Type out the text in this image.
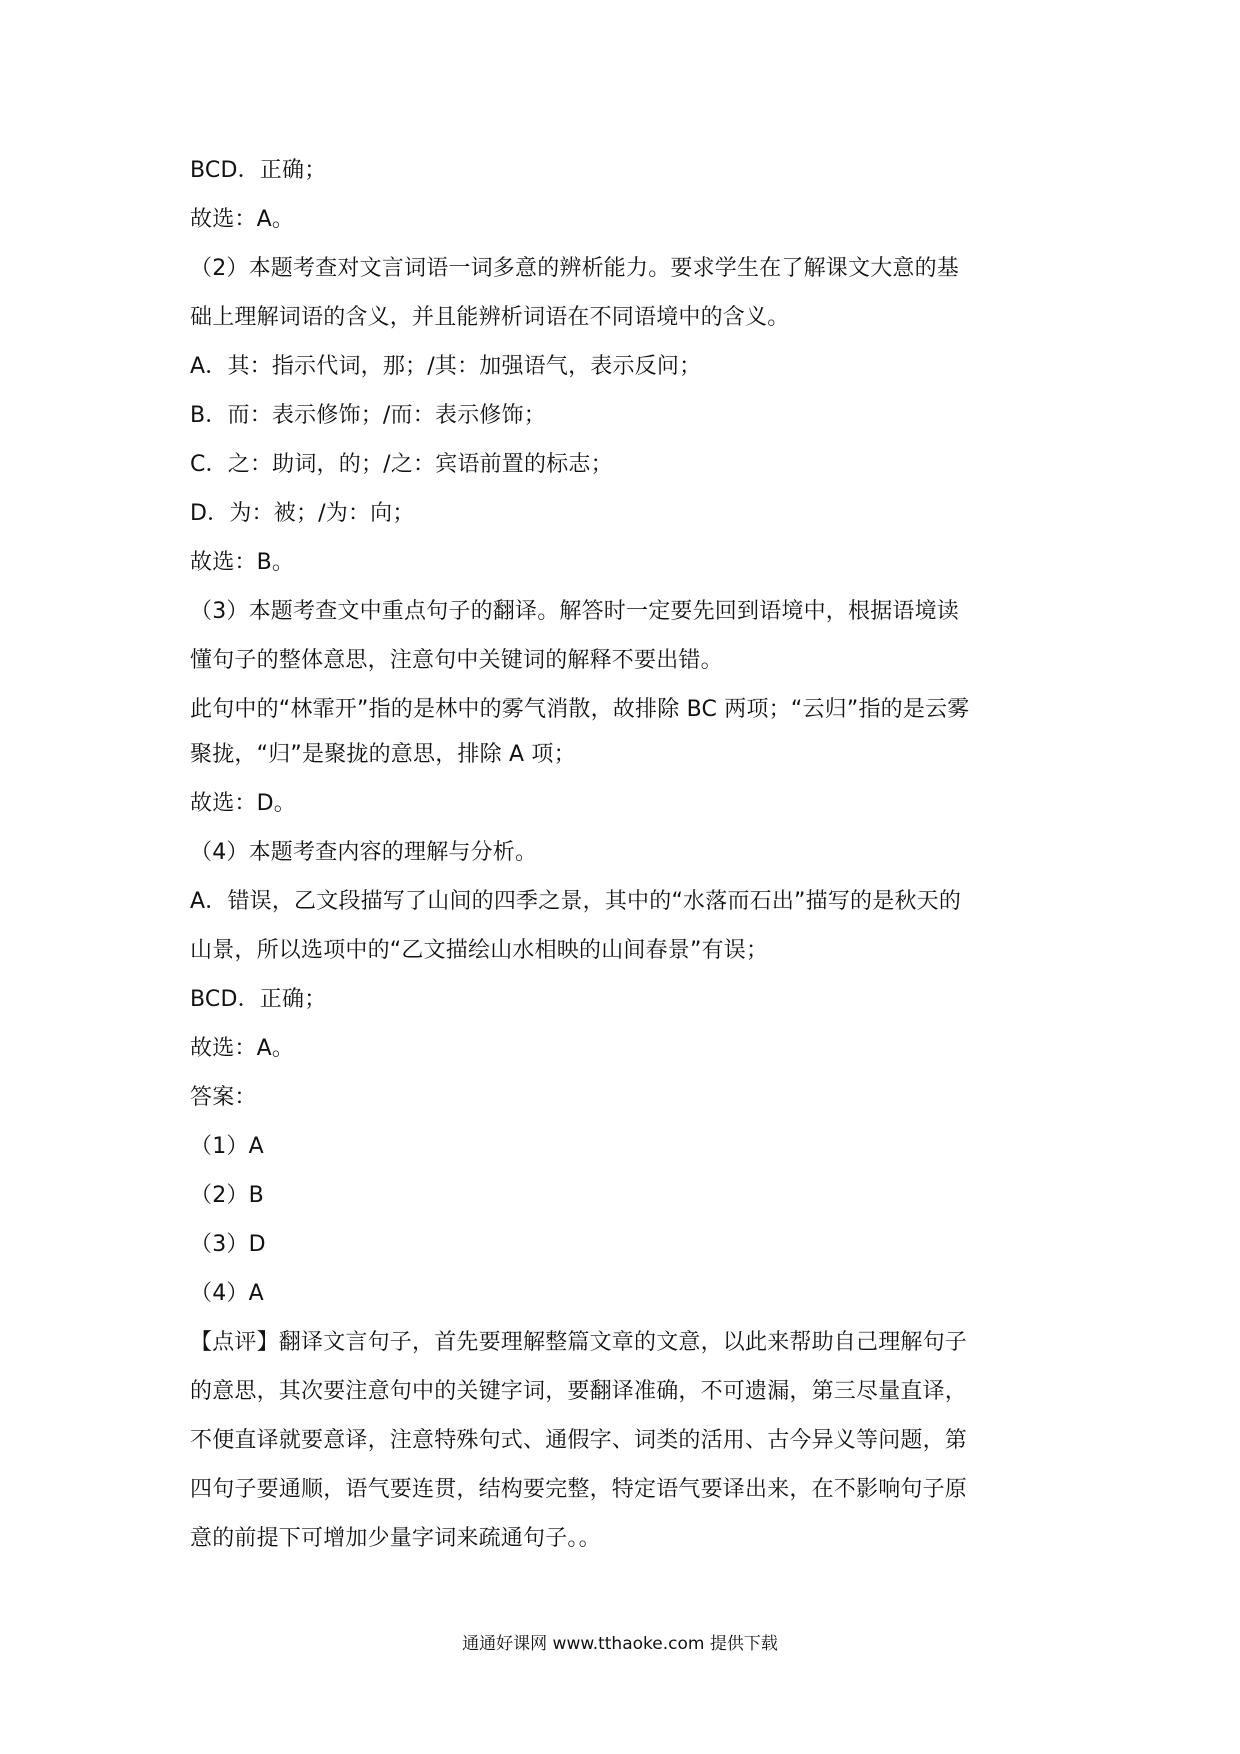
BCD．正确；
故选：A。
（2）本题考查对文言词语一词多意的辨析能力。要求学生在了解课文大意的基
础上理解词语的含义，并且能辨析词语在不同语境中的含义。
A．其：指示代词，那；/其：加强语气，表示反问；
B．而：表示修饰；/而：表示修饰；
C．之：助词，的；/之：宾语前置的标志；
D．为：被；/为：向；
故选：B。
（3）本题考查文中重点句子的翻译。解答时一定要先回到语境中，根据语境读
懂句子的整体意思，注意句中关键词的解释不要出错。
此句中的“林霏开”指的是林中的雾气消散，故排除 BC 两项；“云归”指的是云雾
聚拢，“归”是聚拢的意思，排除 A 项；
故选：D。
（4）本题考查内容的理解与分析。
A．错误，乙文段描写了山间的四季之景，其中的“水落而石出”描写的是秋天的
山景，所以选项中的“乙文描绘山水相映的山间春景”有误；
BCD．正确；
故选：A。
答案：
（1）A
（2）B
（3）D
（4）A
【点评】翻译文言句子，首先要理解整篇文章的文意，以此来帮助自己理解句子
的意思，其次要注意句中的关键字词，要翻译准确，不可遗漏，第三尽量直译，
不便直译就要意译，注意特殊句式、通假字、词类的活用、古今异义等问题，第
四句子要通顺，语气要连贯，结构要完整，特定语气要译出来，在不影响句子原
意的前提下可增加少量字词来疏通句子。。
通通好课网 www.tthaoke.com 提供下载
